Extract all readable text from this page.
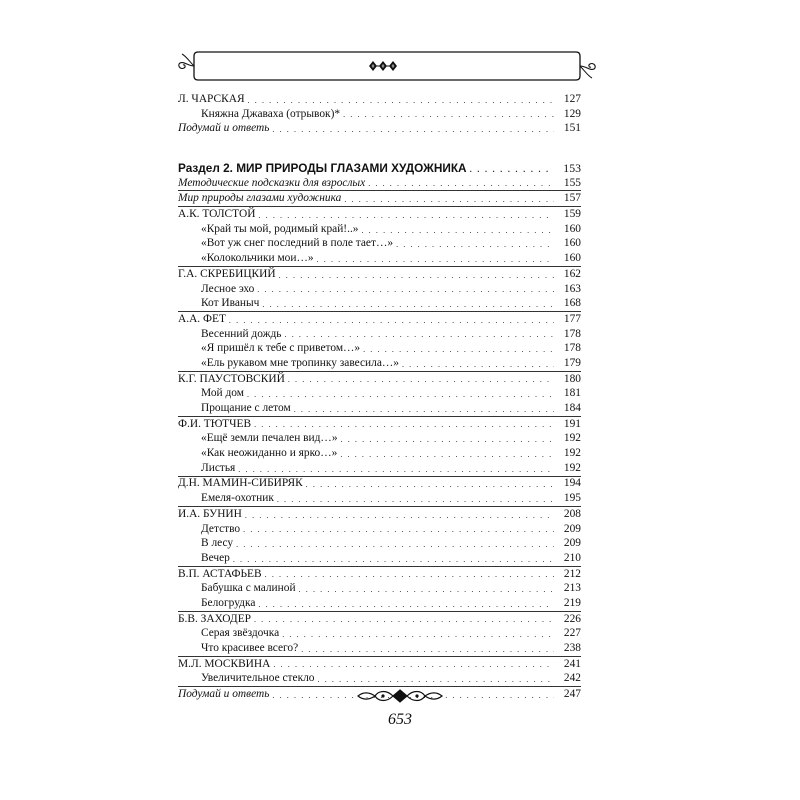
Л. ЧАРСКАЯ . . .	127
Княжна Джаваха (отрывок)* . . .	129
Подумай и ответь . . .	151
Раздел 2. МИР ПРИРОДЫ ГЛАЗАМИ ХУДОЖНИКА . . .	153
Методические подсказки для взрослых . . .	155
Мир природы глазами художника . . .	157
А.К. ТОЛСТОЙ . . .	159
«Край ты мой, родимый край!..» . . .	160
«Вот уж снег последний в поле тает…» . . .	160
«Колокольчики мои…» . . .	160
Г.А. СКРЕБИЦКИЙ . . .	162
Лесное эхо . . .	163
Кот Иваныч . . .	168
А.А. ФЕТ . . .	177
Весенний дождь . . .	178
«Я пришёл к тебе с приветом…» . . .	178
«Ель рукавом мне тропинку завесила…» . . .	179
К.Г. ПАУСТОВСКИЙ . . .	180
Мой дом . . .	181
Прощание с летом . . .	184
Ф.И. ТЮТЧЕВ . . .	191
«Ещё земли печален вид…» . . .	192
«Как неожиданно и ярко…» . . .	192
Листья . . .	192
Д.Н. МАМИН-СИБИРЯК . . .	194
Емеля-охотник . . .	195
И.А. БУНИН . . .	208
Детство . . .	209
В лесу . . .	209
Вечер . . .	210
В.П. АСТАФЬЕВ . . .	212
Бабушка с малиной . . .	213
Белогрудка . . .	219
Б.В. ЗАХОДЕР . . .	226
Серая звёздочка . . .	227
Что красивее всего? . . .	238
М.Л. МОСКВИНА . . .	241
Увеличительное стекло . . .	242
Подумай и ответь . . .	247
653
